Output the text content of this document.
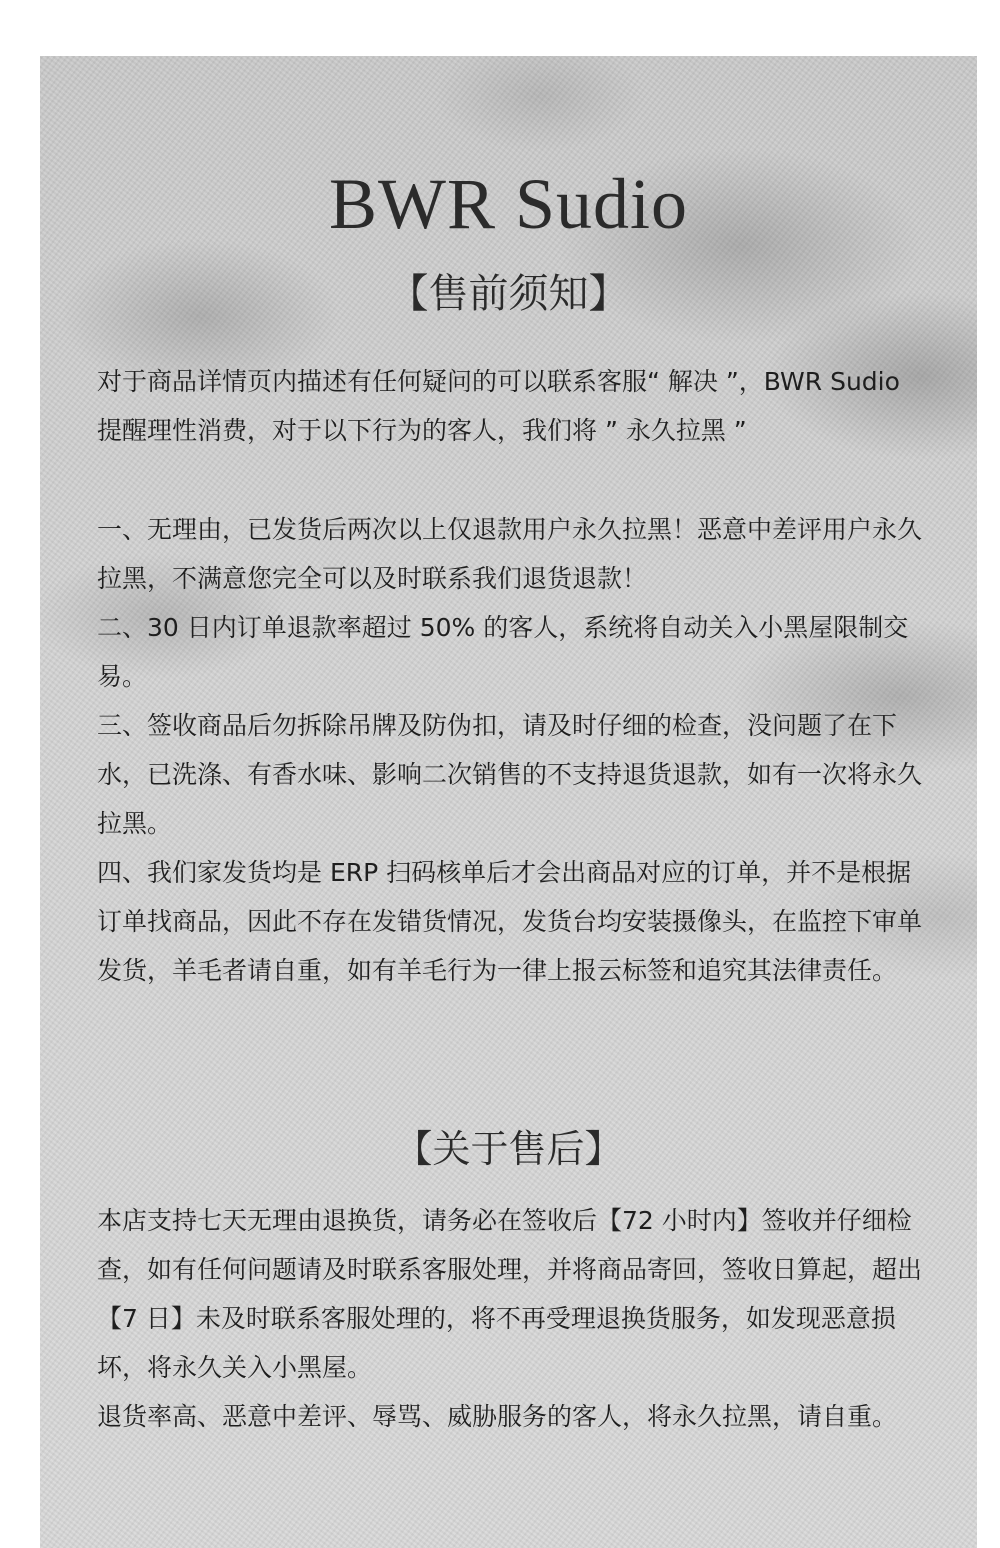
BWR Sudio
【售前须知】

对于商品详情页内描述有任何疑问的可以联系客服“ 解决 ”，BWR Sudio 提醒理性消费，对于以下行为的客人，我们将 ” 永久拉黑 ”

一、无理由，已发货后两次以上仅退款用户永久拉黑！恶意中差评用户永久拉黑，不满意您完全可以及时联系我们退货退款！

二、30 日内订单退款率超过 50% 的客人，系统将自动关入小黑屋限制交易。

三、签收商品后勿拆除吊牌及防伪扣，请及时仔细的检查，没问题了在下水，已洗涤、有香水味、影响二次销售的不支持退货退款，如有一次将永久拉黑。

四、我们家发货均是 ERP 扫码核单后才会出商品对应的订单，并不是根据订单找商品，因此不存在发错货情况，发货台均安装摄像头，在监控下审单发货，羊毛者请自重，如有羊毛行为一律上报云标签和追究其法律责任。

【关于售后】

本店支持七天无理由退换货，请务必在签收后【72 小时内】签收并仔细检查，如有任何问题请及时联系客服处理，并将商品寄回，签收日算起，超出【7 日】未及时联系客服处理的，将不再受理退换货服务，如发现恶意损坏，将永久关入小黑屋。

退货率高、恶意中差评、辱骂、威胁服务的客人，将永久拉黑，请自重。
